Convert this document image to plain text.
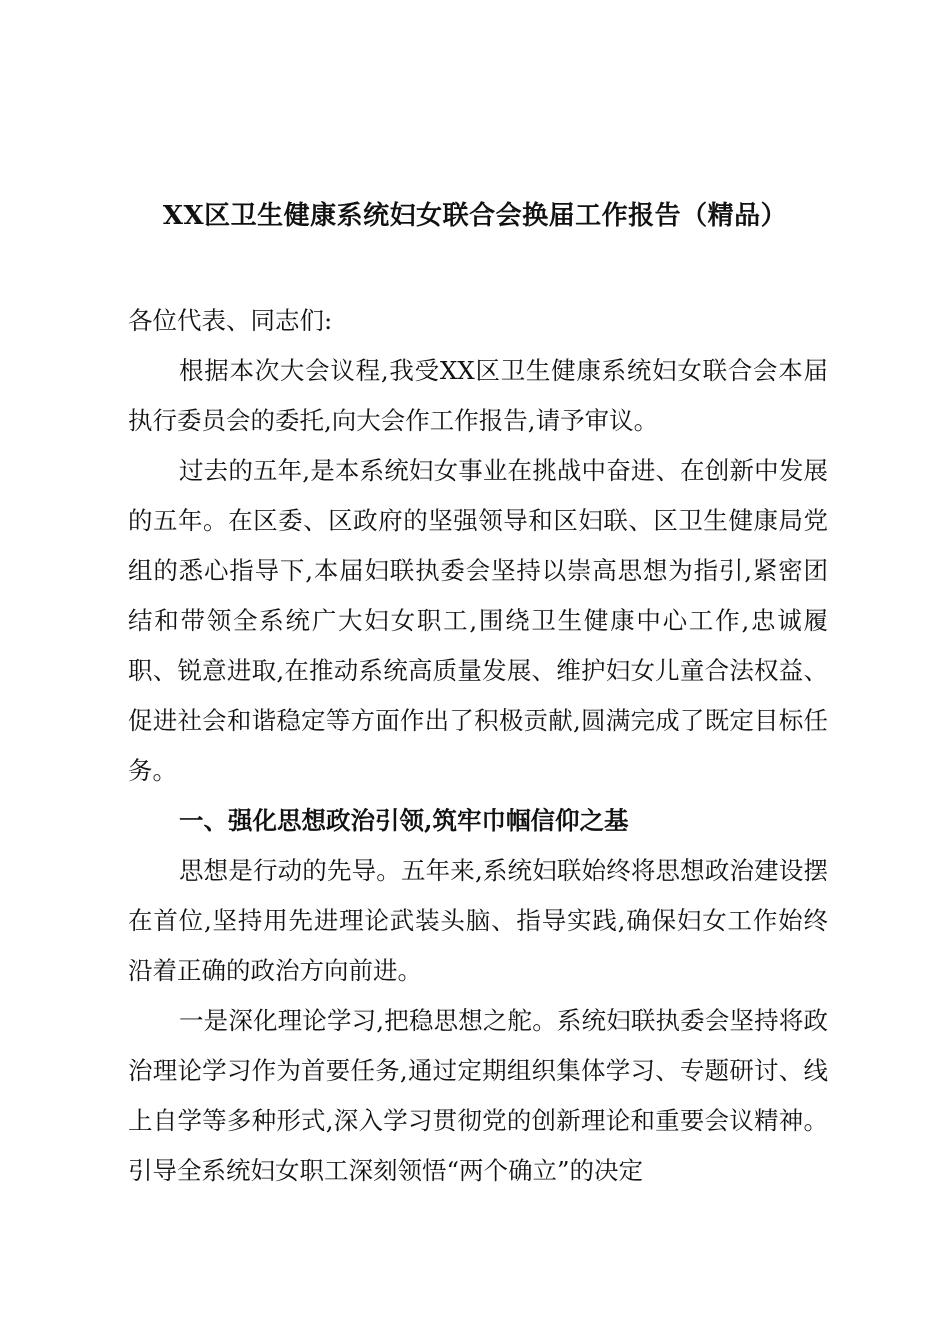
XX区卫生健康系统妇女联合会换届工作报告（精品）

各位代表、同志们:

根据本次大会议程,我受XX区卫生健康系统妇女联合会本届执行委员会的委托,向大会作工作报告,请予审议。

过去的五年,是本系统妇女事业在挑战中奋进、在创新中发展的五年。在区委、区政府的坚强领导和区妇联、区卫生健康局党组的悉心指导下,本届妇联执委会坚持以崇高思想为指引,紧密团结和带领全系统广大妇女职工,围绕卫生健康中心工作,忠诚履职、锐意进取,在推动系统高质量发展、维护妇女儿童合法权益、促进社会和谐稳定等方面作出了积极贡献,圆满完成了既定目标任务。

一、强化思想政治引领,筑牢巾帼信仰之基

思想是行动的先导。五年来,系统妇联始终将思想政治建设摆在首位,坚持用先进理论武装头脑、指导实践,确保妇女工作始终沿着正确的政治方向前进。

一是深化理论学习,把稳思想之舵。系统妇联执委会坚持将政治理论学习作为首要任务,通过定期组织集体学习、专题研讨、线上自学等多种形式,深入学习贯彻党的创新理论和重要会议精神。引导全系统妇女职工深刻领悟“两个确立”的决定
